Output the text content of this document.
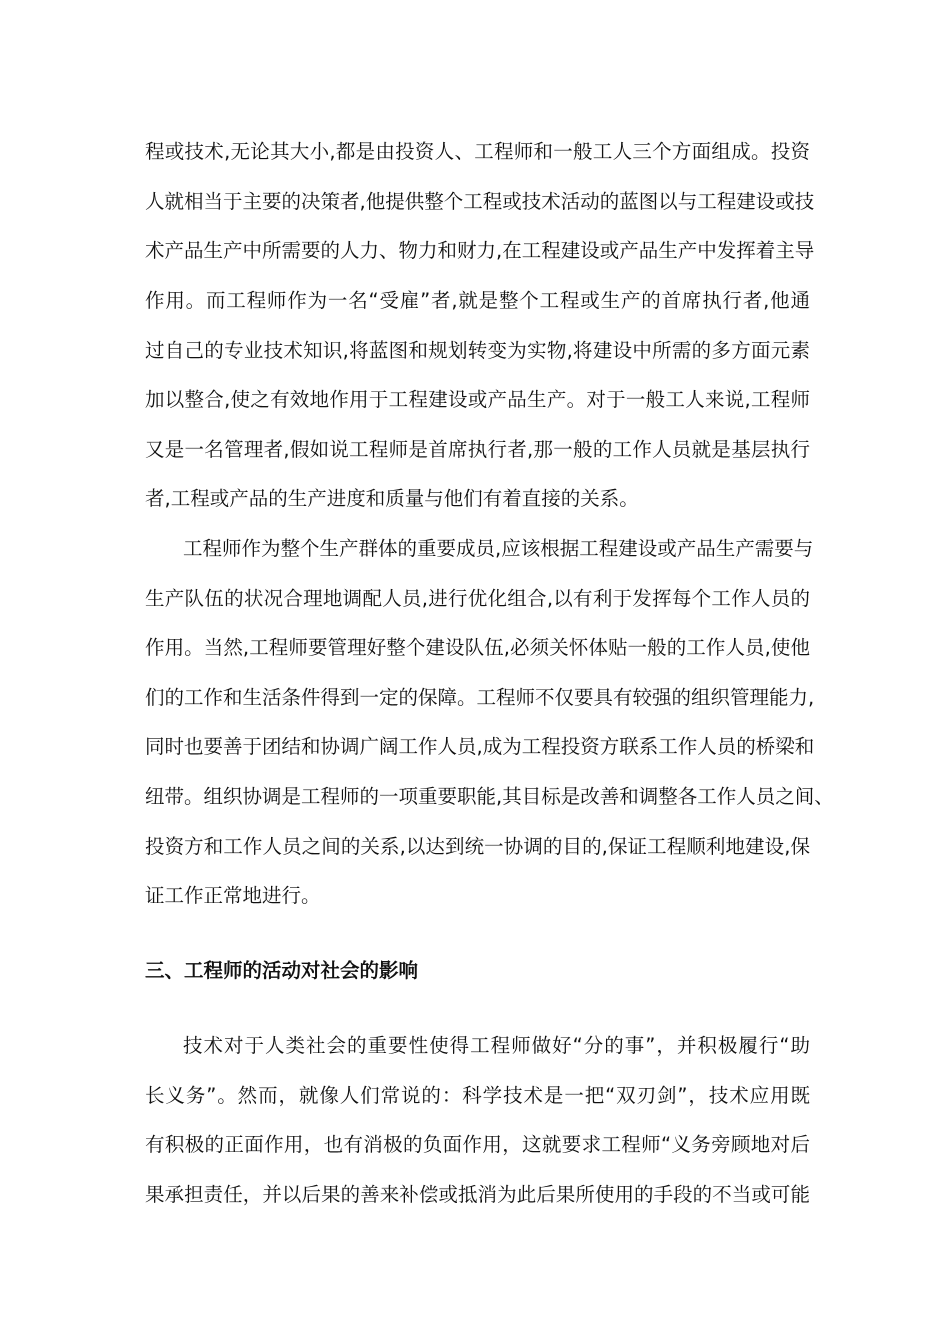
程或技术,无论其大小,都是由投资人、工程师和一般工人三个方面组成。投资
人就相当于主要的决策者,他提供整个工程或技术活动的蓝图以与工程建设或技
术产品生产中所需要的人力、物力和财力,在工程建设或产品生产中发挥着主导
作用。而工程师作为一名“受雇”者,就是整个工程或生产的首席执行者,他通
过自己的专业技术知识,将蓝图和规划转变为实物,将建设中所需的多方面元素
加以整合,使之有效地作用于工程建设或产品生产。对于一般工人来说,工程师
又是一名管理者,假如说工程师是首席执行者,那一般的工作人员就是基层执行
者,工程或产品的生产进度和质量与他们有着直接的关系。
工程师作为整个生产群体的重要成员,应该根据工程建设或产品生产需要与
生产队伍的状况合理地调配人员,进行优化组合,以有利于发挥每个工作人员的
作用。当然,工程师要管理好整个建设队伍,必须关怀体贴一般的工作人员,使他
们的工作和生活条件得到一定的保障。工程师不仅要具有较强的组织管理能力,
同时也要善于团结和协调广阔工作人员,成为工程投资方联系工作人员的桥梁和
纽带。组织协调是工程师的一项重要职能,其目标是改善和调整各工作人员之间、
投资方和工作人员之间的关系,以达到统一协调的目的,保证工程顺利地建设,保
证工作正常地进行。
三、工程师的活动对社会的影响
技术对于人类社会的重要性使得工程师做好“分的事”，并积极履行“助
长义务”。然而，就像人们常说的：科学技术是一把“双刃剑”，技术应用既
有积极的正面作用，也有消极的负面作用，这就要求工程师“义务旁顾地对后
果承担责任，并以后果的善来补偿或抵消为此后果所使用的手段的不当或可能
